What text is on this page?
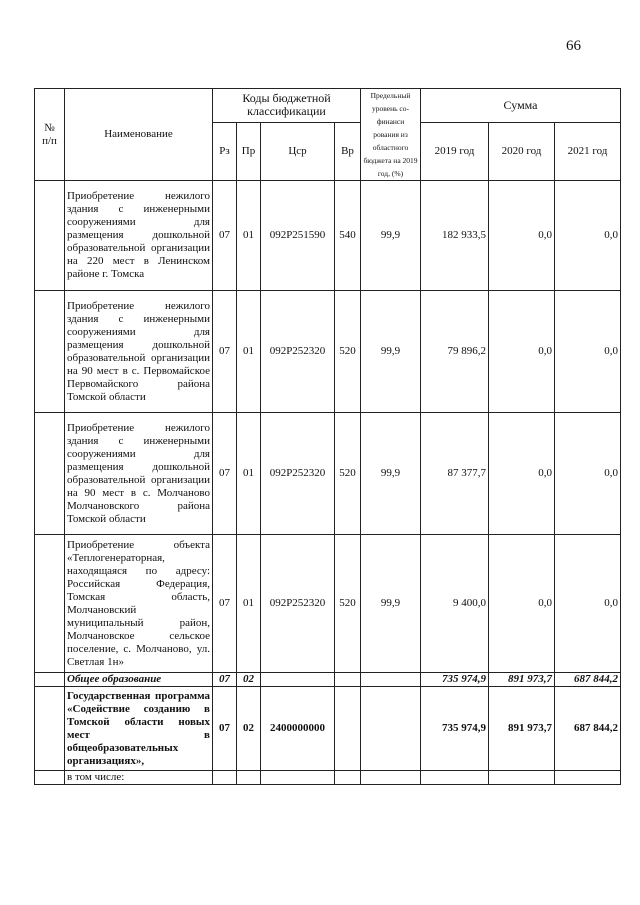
66
№
п/п	Наименование	Коды бюджетной классификации				Предельный уровень со-финанси рования из областного бюджета на 2019 год, (%)	Сумма		
		Рз	Пр	Цср	Вр		2019 год	2020 год	2021 год
	Приобретение нежилого здания с инженерными сооружениями для размещения дошкольной образовательной организации на 220 мест в Ленинском районе г. Томска	07	01	092P251590	540	99,9	182 933,5	0,0	0,0
	Приобретение нежилого здания с инженерными сооружениями для размещения дошкольной образовательной организации на 90 мест в с. Первомайское Первомайского района Томской области	07	01	092P252320	520	99,9	79 896,2	0,0	0,0
	Приобретение нежилого здания с инженерными сооружениями для размещения дошкольной образовательной организации на 90 мест в с. Молчаново Молчановского района Томской области	07	01	092P252320	520	99,9	87 377,7	0,0	0,0
	Приобретение объекта «Теплогенераторная, находящаяся по адресу: Российская Федерация, Томская область, Молчановский муниципальный район, Молчановское сельское поселение, с. Молчаново, ул. Светлая 1н»	07	01	092P252320	520	99,9	9 400,0	0,0	0,0
	Общее образование	07	02				735 974,9	891 973,7	687 844,2
	Государственная программа «Содействие созданию в Томской области новых мест в общеобразовательных организациях»,	07	02	2400000000			735 974,9	891 973,7	687 844,2
	в том числе:								
